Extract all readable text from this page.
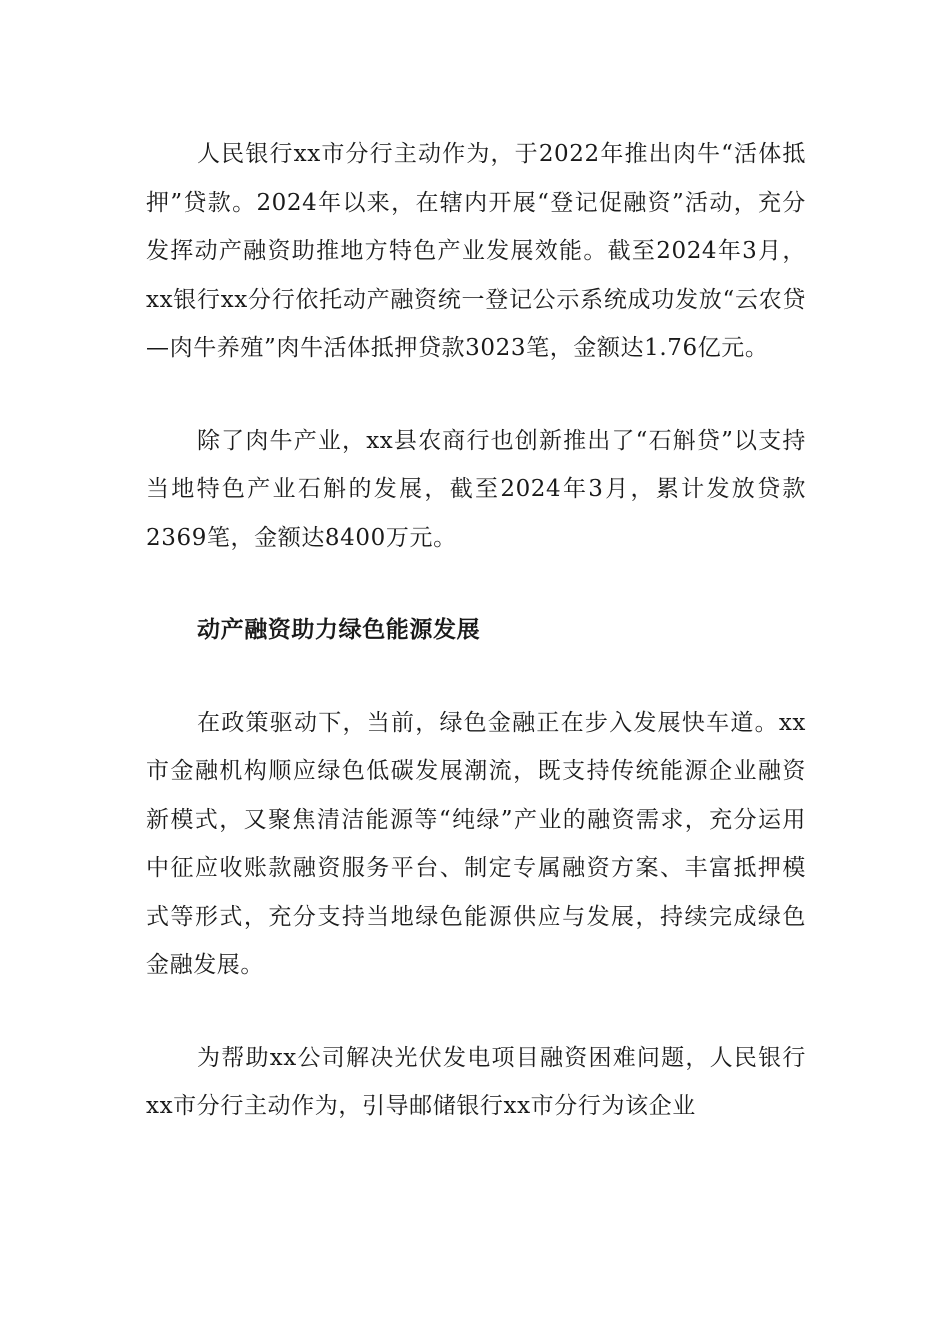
人民银行xx市分行主动作为，于2022年推出肉牛“活体抵押”贷款。2024年以来，在辖内开展“登记促融资”活动，充分发挥动产融资助推地方特色产业发展效能。截至2024年3月，xx银行xx分行依托动产融资统一登记公示系统成功发放“云农贷—肉牛养殖”肉牛活体抵押贷款3023笔，金额达1.76亿元。

除了肉牛产业，xx县农商行也创新推出了“石斛贷”以支持当地特色产业石斛的发展，截至2024年3月，累计发放贷款2369笔，金额达8400万元。

动产融资助力绿色能源发展

在政策驱动下，当前，绿色金融正在步入发展快车道。xx市金融机构顺应绿色低碳发展潮流，既支持传统能源企业融资新模式，又聚焦清洁能源等“纯绿”产业的融资需求，充分运用中征应收账款融资服务平台、制定专属融资方案、丰富抵押模式等形式，充分支持当地绿色能源供应与发展，持续完成绿色金融发展。

为帮助xx公司解决光伏发电项目融资困难问题，人民银行xx市分行主动作为，引导邮储银行xx市分行为该企业
